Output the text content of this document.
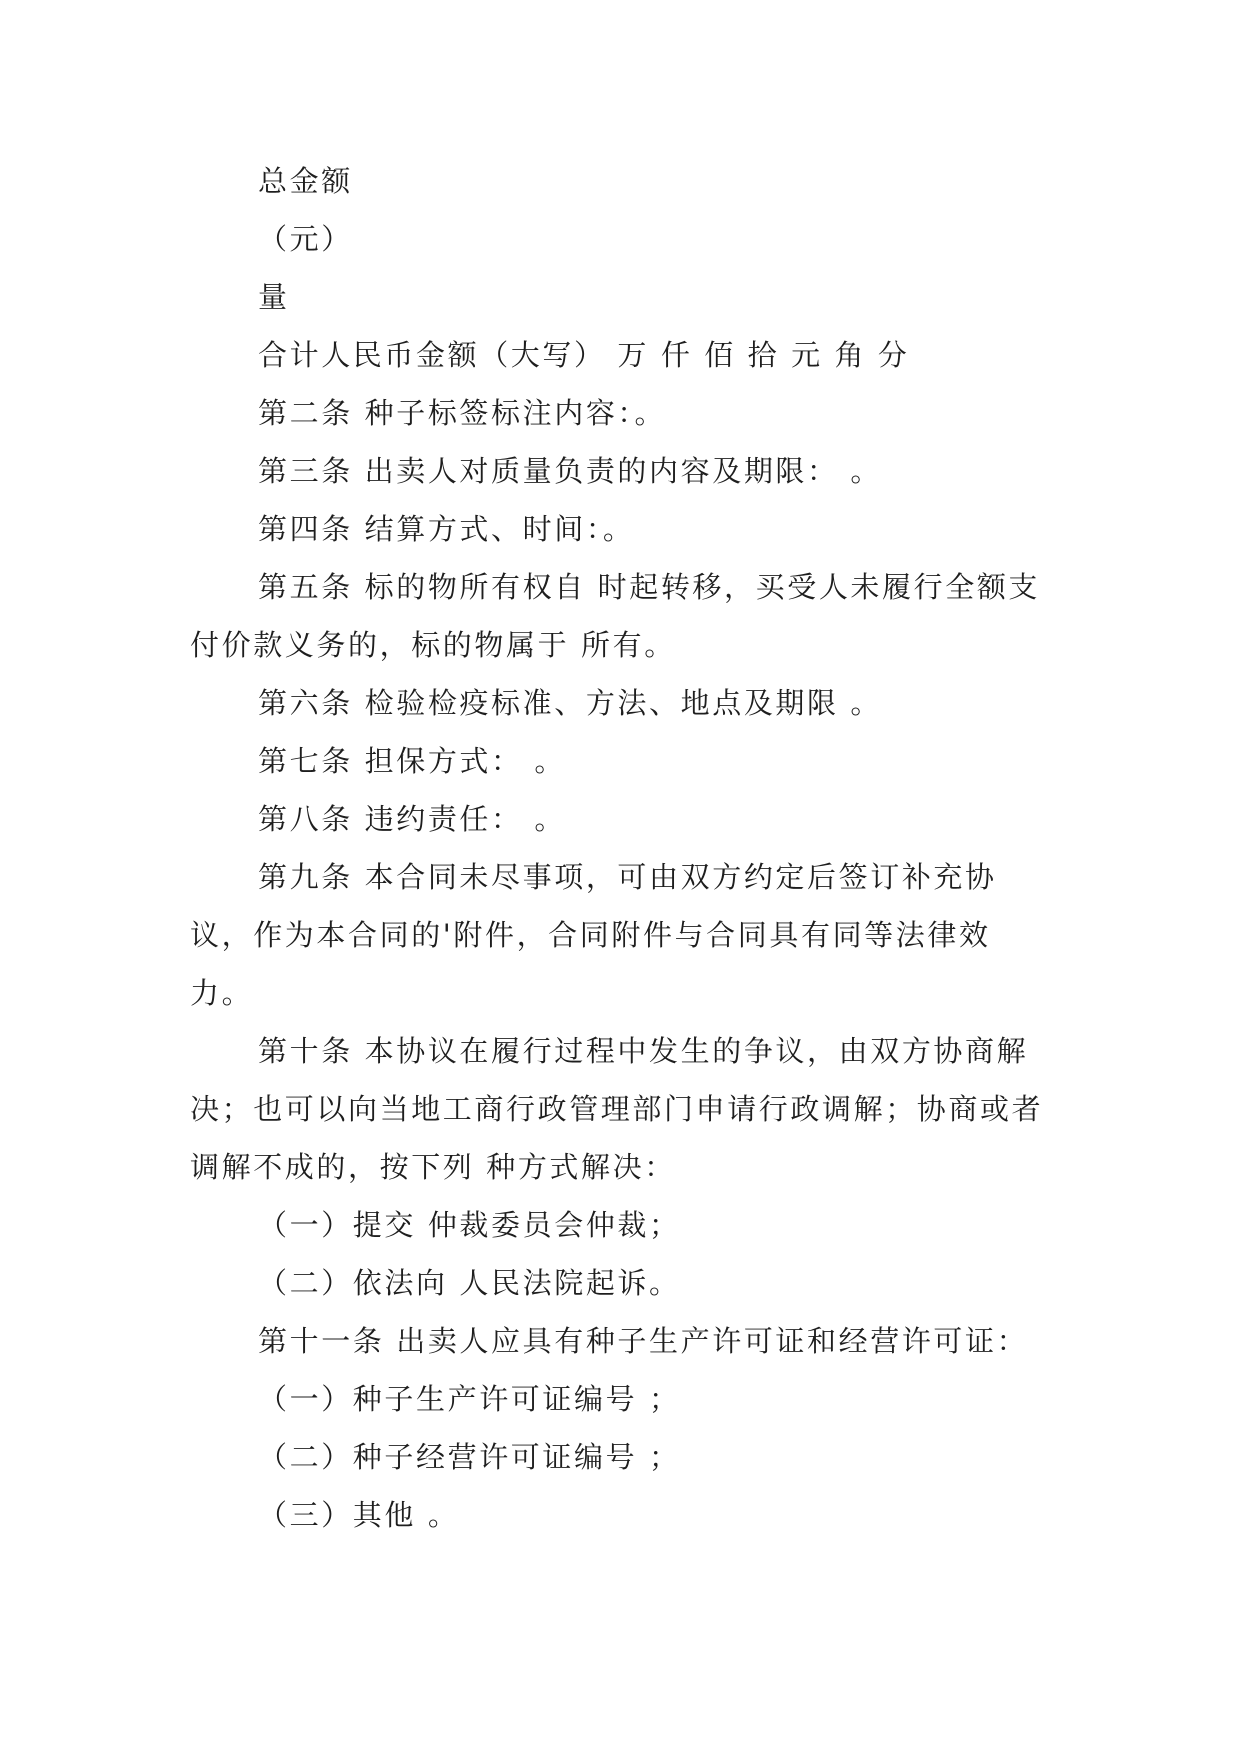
总金额

（元）

量

合计人民币金额（大写） 万 仟 佰 拾 元 角 分

第二条 种子标签标注内容：。

第三条 出卖人对质量负责的内容及期限： 。

第四条 结算方式、时间：。

第五条 标的物所有权自 时起转移，买受人未履行全额支付价款义务的，标的物属于 所有。

第六条 检验检疫标准、方法、地点及期限 。

第七条 担保方式： 。

第八条 违约责任： 。

第九条 本合同未尽事项，可由双方约定后签订补充协议，作为本合同的'附件，合同附件与合同具有同等法律效力。

第十条 本协议在履行过程中发生的争议，由双方协商解决；也可以向当地工商行政管理部门申请行政调解；协商或者调解不成的，按下列 种方式解决：

（一）提交 仲裁委员会仲裁；

（二）依法向 人民法院起诉。

第十一条 出卖人应具有种子生产许可证和经营许可证：

（一）种子生产许可证编号 ；

（二）种子经营许可证编号 ；

（三）其他 。
